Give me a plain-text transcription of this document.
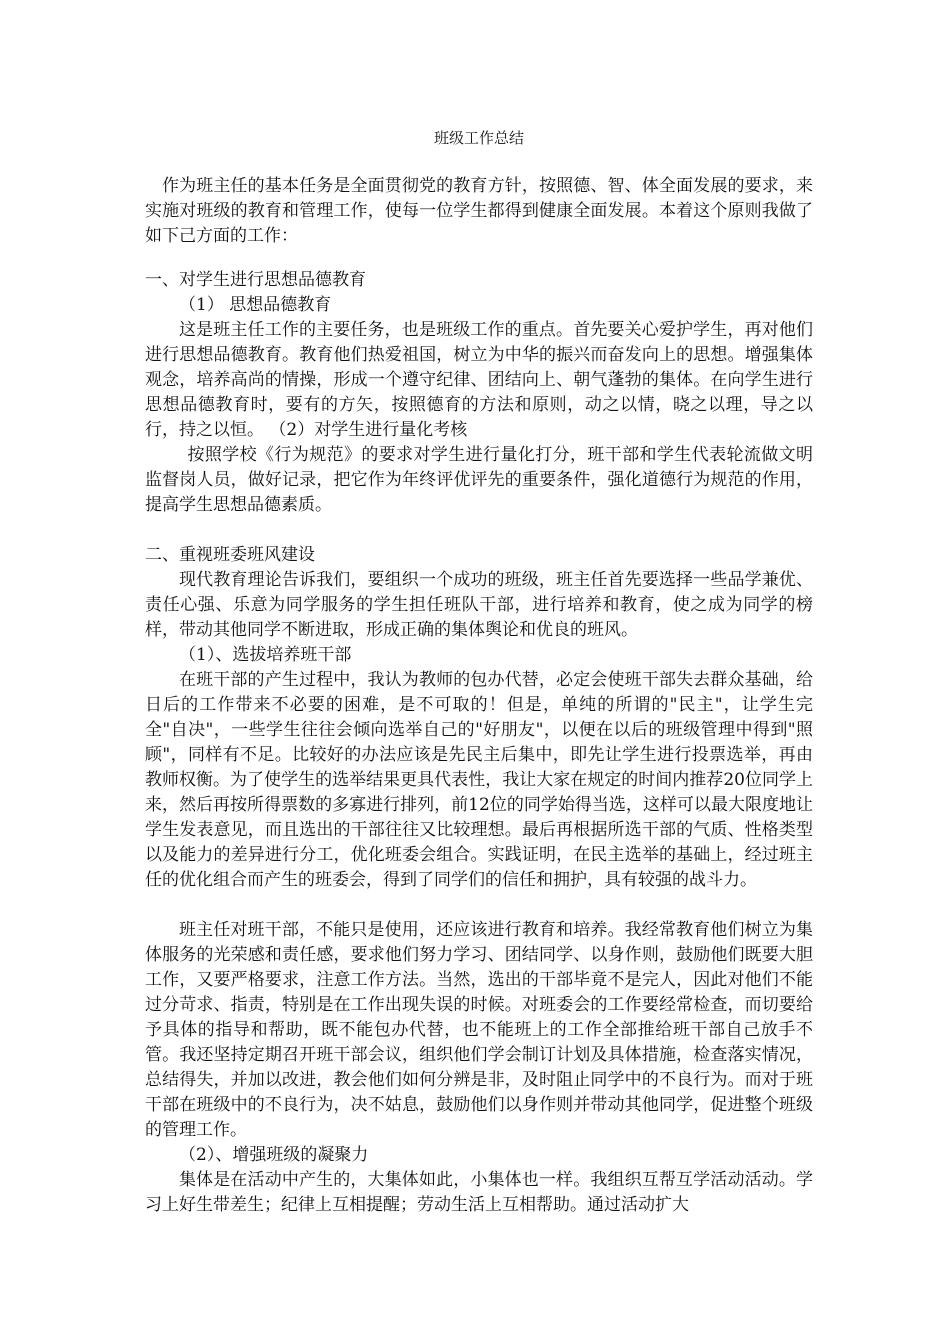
班级工作总结

作为班主任的基本任务是全面贯彻党的教育方针，按照德、智、体全面发展的要求，来实施对班级的教育和管理工作，使每一位学生都得到健康全面发展。本着这个原则我做了如下己方面的工作：

一、对学生进行思想品德教育

（1） 思想品德教育

这是班主任工作的主要任务，也是班级工作的重点。首先要关心爱护学生，再对他们进行思想品德教育。教育他们热爱祖国，树立为中华的振兴而奋发向上的思想。增强集体观念，培养高尚的情操，形成一个遵守纪律、团结向上、朝气蓬勃的集体。在向学生进行思想品德教育时，要有的方矢，按照德育的方法和原则，动之以情，晓之以理，导之以行，持之以恒。 （2）对学生进行量化考核

按照学校《行为规范》的要求对学生进行量化打分，班干部和学生代表轮流做文明监督岗人员，做好记录，把它作为年终评优评先的重要条件，强化道德行为规范的作用，提高学生思想品德素质。

二、重视班委班风建设

现代教育理论告诉我们，要组织一个成功的班级，班主任首先要选择一些品学兼优、责任心强、乐意为同学服务的学生担任班队干部，进行培养和教育，使之成为同学的榜样，带动其他同学不断进取，形成正确的集体舆论和优良的班风。

（1）、选拔培养班干部

在班干部的产生过程中，我认为教师的包办代替，必定会使班干部失去群众基础，给日后的工作带来不必要的困难，是不可取的！但是，单纯的所谓的"民主"，让学生完全"自决"，一些学生往往会倾向选举自己的"好朋友"，以便在以后的班级管理中得到"照顾"，同样有不足。比较好的办法应该是先民主后集中，即先让学生进行投票选举，再由教师权衡。为了使学生的选举结果更具代表性，我让大家在规定的时间内推荐20位同学上来，然后再按所得票数的多寡进行排列，前12位的同学始得当选，这样可以最大限度地让学生发表意见，而且选出的干部往往又比较理想。最后再根据所选干部的气质、性格类型以及能力的差异进行分工，优化班委会组合。实践证明，在民主选举的基础上，经过班主任的优化组合而产生的班委会，得到了同学们的信任和拥护，具有较强的战斗力。

班主任对班干部，不能只是使用，还应该进行教育和培养。我经常教育他们树立为集体服务的光荣感和责任感，要求他们努力学习、团结同学、以身作则，鼓励他们既要大胆工作，又要严格要求，注意工作方法。当然，选出的干部毕竟不是完人，因此对他们不能过分苛求、指责，特别是在工作出现失误的时候。对班委会的工作要经常检查，而切要给予具体的指导和帮助，既不能包办代替，也不能班上的工作全部推给班干部自己放手不管。我还坚持定期召开班干部会议，组织他们学会制订计划及具体措施，检查落实情况，总结得失，并加以改进，教会他们如何分辨是非，及时阻止同学中的不良行为。而对于班干部在班级中的不良行为，决不姑息，鼓励他们以身作则并带动其他同学，促进整个班级的管理工作。

（2）、增强班级的凝聚力

集体是在活动中产生的，大集体如此，小集体也一样。我组织互帮互学活动活动。学习上好生带差生；纪律上互相提醒；劳动生活上互相帮助。通过活动扩大
